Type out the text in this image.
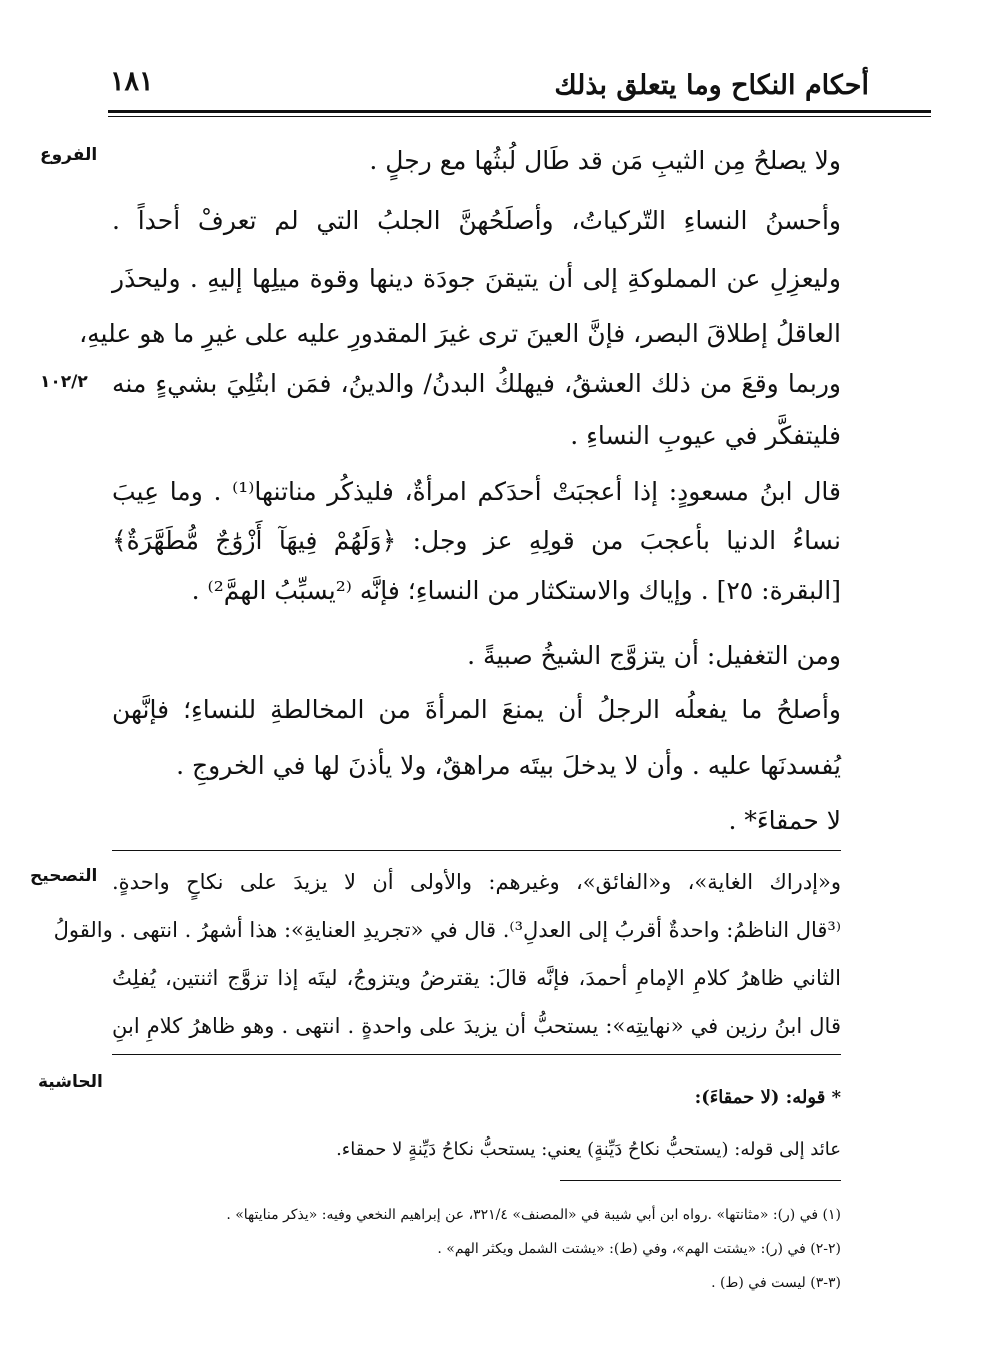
أحكام النكاح وما يتعلق بذلك
١٨١
الفروع
١٠٢/٢
ولا يصلحُ مِن الثيبِ مَن قد طَال لُبثُها مع رجلٍ .
وأحسنُ النساءِ التّركياتُ، وأصلَحُهنَّ الجلبُ التي لم تعرفْ أحداً .
وليعزِلِ عن المملوكةِ إلى أن يتيقنَ جودَة دينها وقوة ميلِها إليهِ . وليحذَر
العاقلُ إطلاقَ البصر، فإنَّ العينَ ترى غيرَ المقدورِ عليه على غيرِ ما هو عليهِ،
وربما وقعَ من ذلك العشقُ، فيهلكُ البدنُ/ والدينُ، فمَن ابتُلِيَ بشيءٍ منه
فليتفكَّر في عيوبِ النساءِ .
قال ابنُ مسعودٍ: إذا أعجبَتْ أحدَكم امرأةٌ، فليذكُر مناتنها⁽¹⁾ . وما عِيبَ
نساءُ الدنيا بأعجبَ من قولِهِ عز وجل: ﴿وَلَهُمْ فِيهَآ أَزْوَٰجٌ مُّطَهَّرَةٌ﴾
[البقرة: ٢٥] . وإياك والاستكثار من النساءِ؛ فإنَّه ⁽²يسبِّبُ الهمَّ²⁾ .
ومن التغفيل: أن يتزوَّج الشيخُ صبيةً .
وأصلحُ ما يفعلُه الرجلُ أن يمنعَ المرأةَ من المخالطةِ للنساءِ؛ فإنَّهن
يُفسدنَها عليه . وأن لا يدخلَ بيتَه مراهقٌ، ولا يأذنَ لها في الخروجِ .
لا حمقاءَ* .
التصحيح و«إدراك الغاية»، و«الفائق»، وغيرهم: والأولى أن لا يزيدَ على نكاحٍ واحدةٍ.
⁽³قال الناظمُ: واحدةٌ أقربُ إلى العدلِ³⁾. قال في «تجريدِ العنايةِ»: هذا أشهرُ . انتهى . والقولُ
الثاني ظاهرُ كلامِ الإمامِ أحمدَ، فإنَّه قالَ: يقترضُ ويتزوجُ، ليتَه إذا تزوَّج اثنتين، يُفلِتُ
قال ابنُ رزين في «نهايتِه»: يستحبُّ أن يزيدَ على واحدةٍ . انتهى . وهو ظاهرُ كلامِ ابنِ
الحاشية
* قوله: (لا حمقاءَ):
عائد إلى قوله: (يستحبُّ نكاحُ دَيِّنةٍ) يعني: يستحبُّ نكاحُ دَيِّنةٍ لا حمقاء.
(١) في (ر): «مثانتها» .رواه ابن أبي شيبة في «المصنف» ٣٢١/٤، عن إبراهيم النخعي وفيه: «يذكر منايتها» .
(٢-٢) في (ر): «يشتت الهم»، وفي (ط): «يشتت الشمل ويكثر الهم» .
(٣-٣) ليست في (ط) .
